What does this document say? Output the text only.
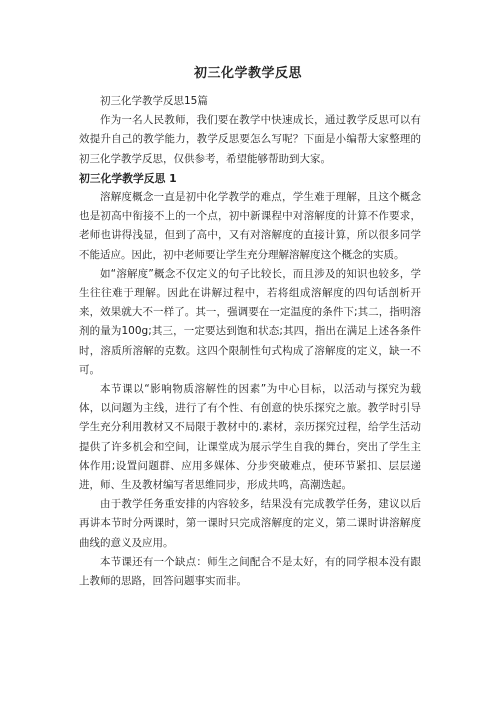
初三化学教学反思

初三化学教学反思15篇

作为一名人民教师，我们要在教学中快速成长，通过教学反思可以有效提升自己的教学能力，教学反思要怎么写呢？下面是小编帮大家整理的初三化学教学反思，仅供参考，希望能够帮助到大家。

初三化学教学反思 1

溶解度概念一直是初中化学教学的难点，学生难于理解，且这个概念也是初高中衔接不上的一个点，初中新课程中对溶解度的计算不作要求，老师也讲得浅显，但到了高中，又有对溶解度的直接计算，所以很多同学不能适应。因此，初中老师要让学生充分理解溶解度这个概念的实质。

如“溶解度”概念不仅定义的句子比较长，而且涉及的知识也较多，学生往往难于理解。因此在讲解过程中，若将组成溶解度的四句话剖析开来，效果就大不一样了。其一，强调要在一定温度的条件下;其二，指明溶剂的量为100g;其三，一定要达到饱和状态;其四，指出在满足上述各条件时，溶质所溶解的克数。这四个限制性句式构成了溶解度的定义，缺一不可。

本节课以“影响物质溶解性的因素”为中心目标，以活动与探究为载体，以问题为主线，进行了有个性、有创意的快乐探究之旅。教学时引导学生充分利用教材又不局限于教材中的.素材，亲历探究过程，给学生活动提供了许多机会和空间，让课堂成为展示学生自我的舞台，突出了学生主体作用;设置问题群、应用多媒体、分步突破难点，使环节紧扣、层层递进，师、生及教材编写者思维同步，形成共鸣，高潮迭起。

由于教学任务重安排的内容较多，结果没有完成教学任务，建议以后再讲本节时分两课时，第一课时只完成溶解度的定义，第二课时讲溶解度曲线的意义及应用。

本节课还有一个缺点：师生之间配合不是太好，有的同学根本没有跟上教师的思路，回答问题事实而非。
